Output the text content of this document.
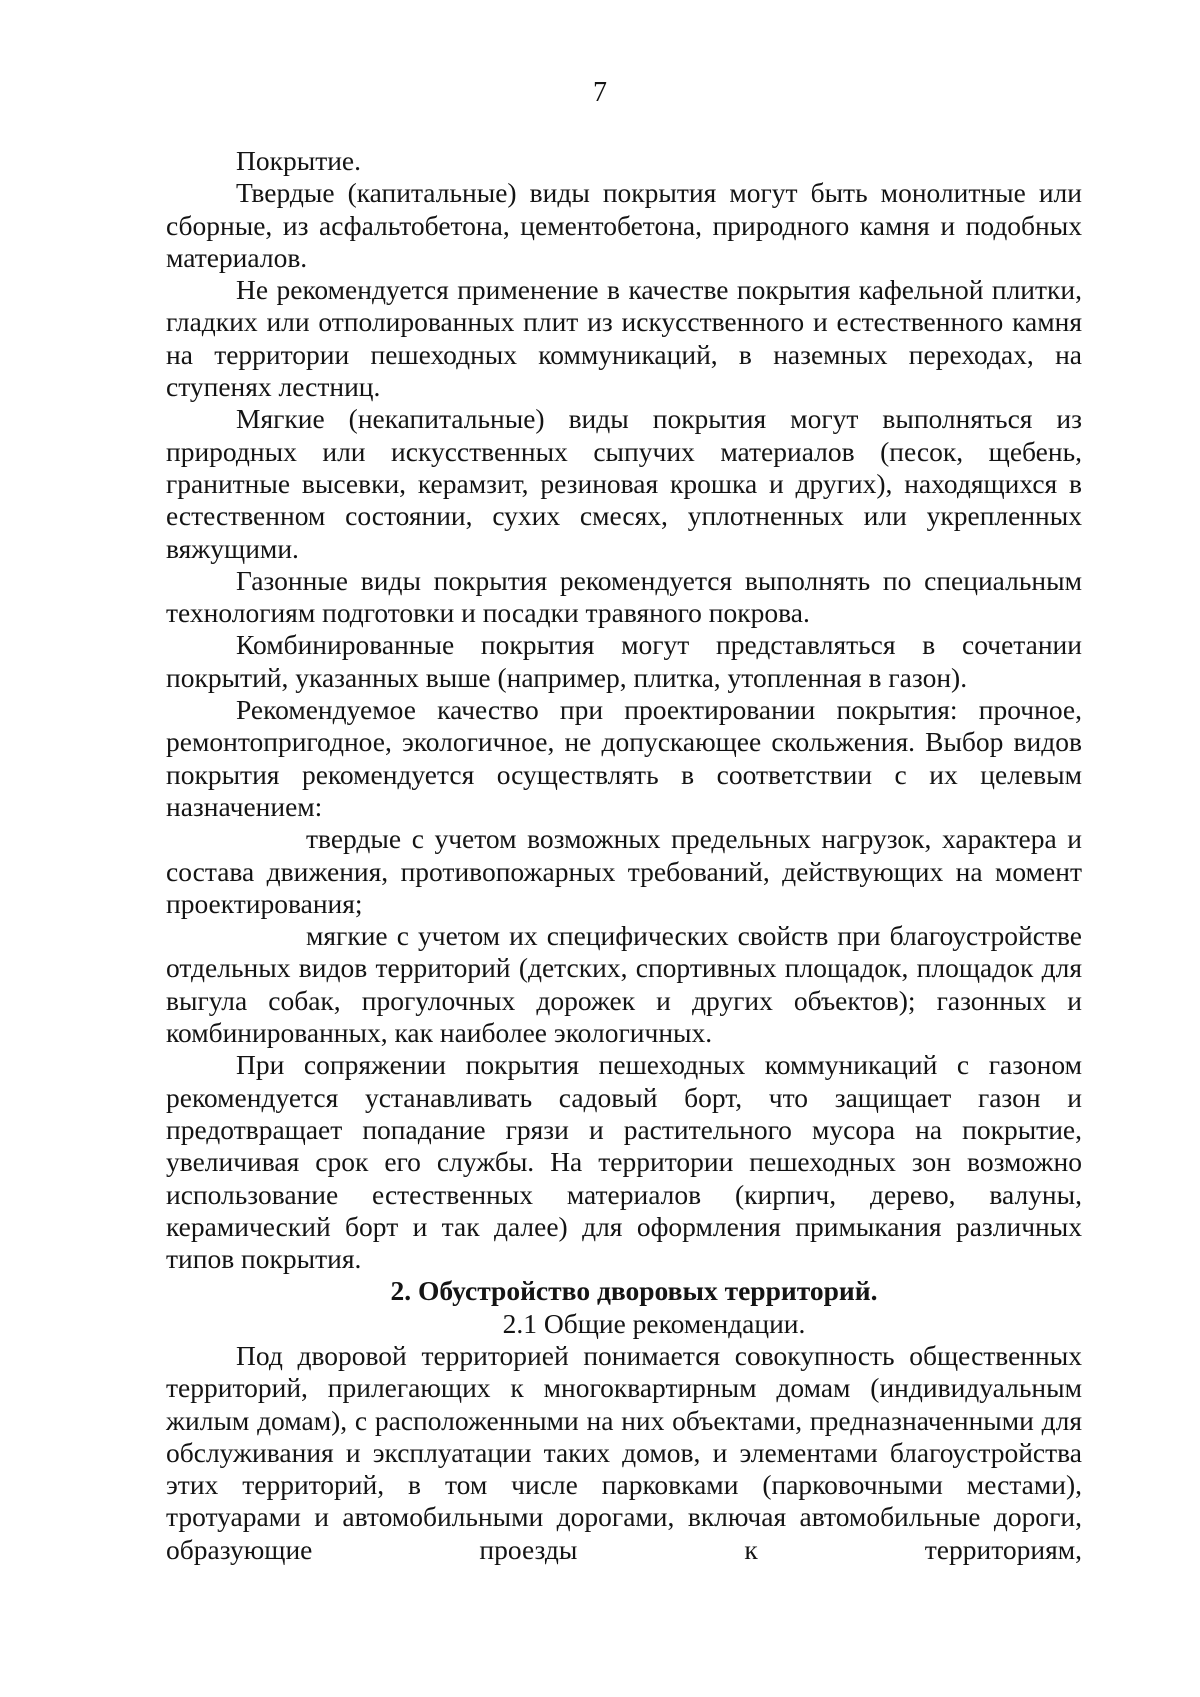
7

Покрытие.

Твердые (капитальные) виды покрытия могут быть монолитные или сборные, из асфальтобетона, цементобетона, природного камня и подобных материалов.

Не рекомендуется применение в качестве покрытия кафельной плитки, гладких или отполированных плит из искусственного и естественного камня на территории пешеходных коммуникаций, в наземных переходах, на ступенях лестниц.

Мягкие (некапитальные) виды покрытия могут выполняться из природных или искусственных сыпучих материалов (песок, щебень, гранитные высевки, керамзит, резиновая крошка и других), находящихся в естественном состоянии, сухих смесях, уплотненных или укрепленных вяжущими.

Газонные виды покрытия рекомендуется выполнять по специальным технологиям подготовки и посадки травяного покрова.

Комбинированные покрытия могут представляться в сочетании покрытий, указанных выше (например, плитка, утопленная в газон).

Рекомендуемое качество при проектировании покрытия: прочное, ремонтопригодное, экологичное, не допускающее скольжения. Выбор видов покрытия рекомендуется осуществлять в соответствии с их целевым назначением:

твердые с учетом возможных предельных нагрузок, характера и состава движения, противопожарных требований, действующих на момент проектирования;

мягкие с учетом их специфических свойств при благоустройстве отдельных видов территорий (детских, спортивных площадок, площадок для выгула собак, прогулочных дорожек и других объектов); газонных и комбинированных, как наиболее экологичных.

При сопряжении покрытия пешеходных коммуникаций с газоном рекомендуется устанавливать садовый борт, что защищает газон и предотвращает попадание грязи и растительного мусора на покрытие, увеличивая срок его службы. На территории пешеходных зон возможно использование естественных материалов (кирпич, дерево, валуны, керамический борт и так далее) для оформления примыкания различных типов покрытия.

2. Обустройство дворовых территорий.

2.1 Общие рекомендации.

Под дворовой территорией понимается совокупность общественных территорий, прилегающих к многоквартирным домам (индивидуальным жилым домам), с расположенными на них объектами, предназначенными для обслуживания и эксплуатации таких домов, и элементами благоустройства этих территорий, в том числе парковками (парковочными местами), тротуарами и автомобильными дорогами, включая автомобильные дороги, образующие проезды к территориям,
